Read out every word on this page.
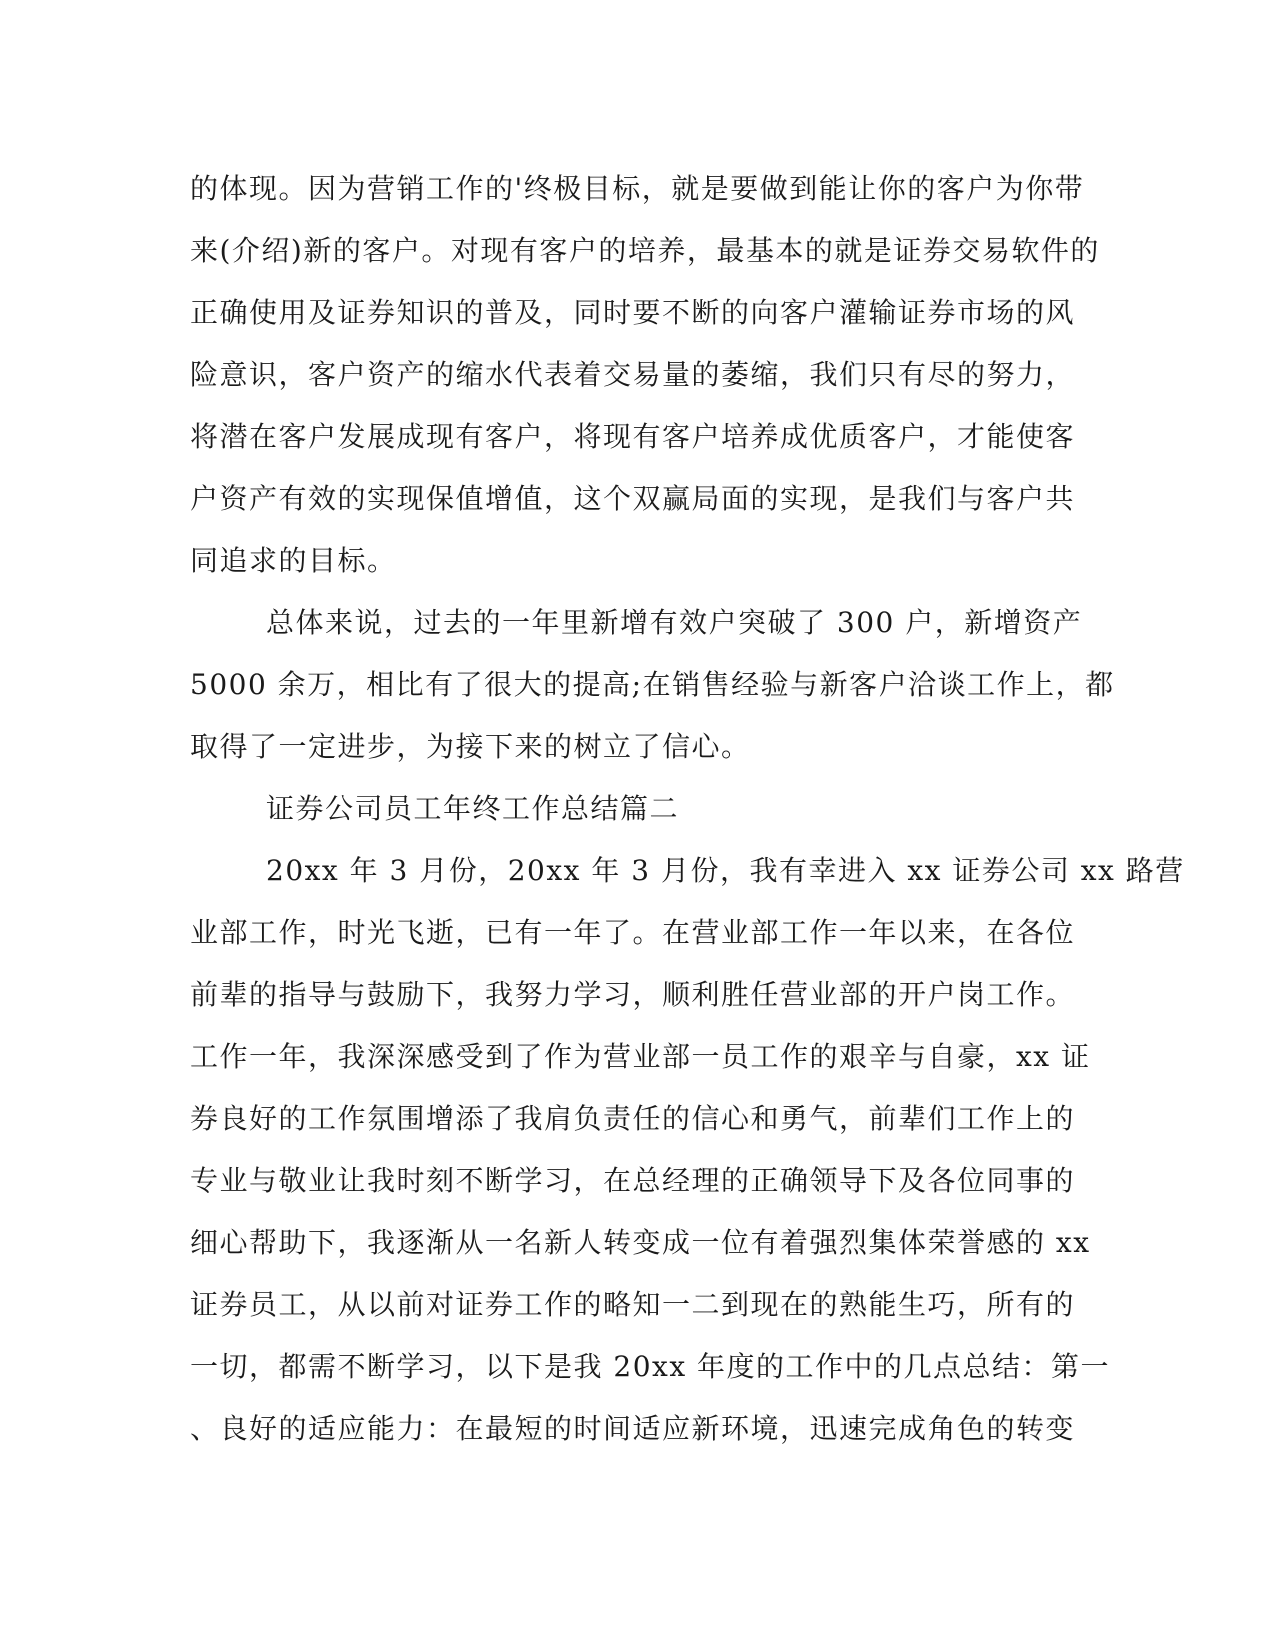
的体现。因为营销工作的'终极目标，就是要做到能让你的客户为你带
来(介绍)新的客户。对现有客户的培养，最基本的就是证券交易软件的
正确使用及证券知识的普及，同时要不断的向客户灌输证券市场的风
险意识，客户资产的缩水代表着交易量的萎缩，我们只有尽的努力，
将潜在客户发展成现有客户，将现有客户培养成优质客户，才能使客
户资产有效的实现保值增值，这个双赢局面的实现，是我们与客户共
同追求的目标。
总体来说，过去的一年里新增有效户突破了 300 户，新增资产
5000 余万，相比有了很大的提高;在销售经验与新客户洽谈工作上，都
取得了一定进步，为接下来的树立了信心。
证券公司员工年终工作总结篇二
20xx 年 3 月份，20xx 年 3 月份，我有幸进入 xx 证券公司 xx 路营
业部工作，时光飞逝，已有一年了。在营业部工作一年以来，在各位
前辈的指导与鼓励下，我努力学习，顺利胜任营业部的开户岗工作。
工作一年，我深深感受到了作为营业部一员工作的艰辛与自豪，xx 证
券良好的工作氛围增添了我肩负责任的信心和勇气，前辈们工作上的
专业与敬业让我时刻不断学习，在总经理的正确领导下及各位同事的
细心帮助下，我逐渐从一名新人转变成一位有着强烈集体荣誉感的 xx
证券员工，从以前对证券工作的略知一二到现在的熟能生巧，所有的
一切，都需不断学习，以下是我 20xx 年度的工作中的几点总结：第一
、良好的适应能力：在最短的时间适应新环境，迅速完成角色的转变
